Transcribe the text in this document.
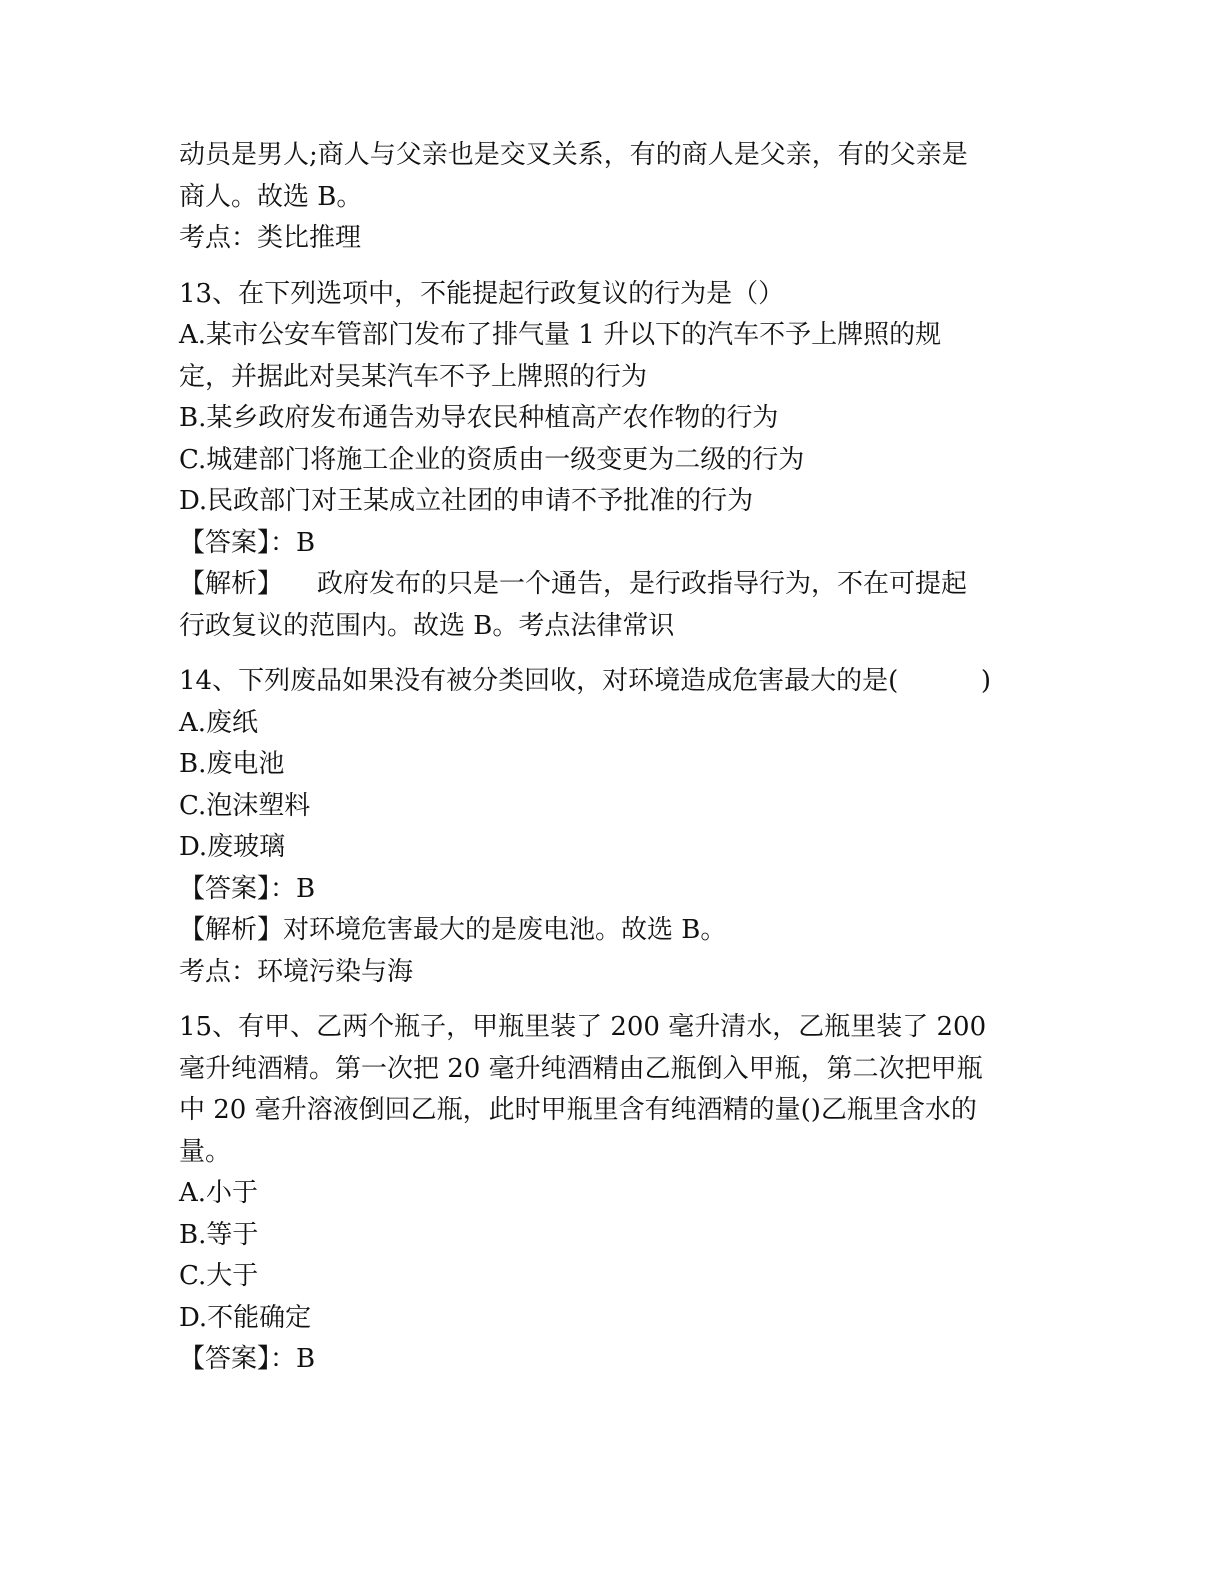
动员是男人;商人与父亲也是交叉关系，有的商人是父亲，有的父亲是
商人。故选 B。
考点：类比推理
13、在下列选项中，不能提起行政复议的行为是（）
A.某市公安车管部门发布了排气量 1 升以下的汽车不予上牌照的规
定，并据此对吴某汽车不予上牌照的行为
B.某乡政府发布通告劝导农民种植高产农作物的行为
C.城建部门将施工企业的资质由一级变更为二级的行为
D.民政部门对王某成立社团的申请不予批准的行为
【答案】：B
【解析】 政府发布的只是一个通告，是行政指导行为，不在可提起
行政复议的范围内。故选 B。考点法律常识
14、下列废品如果没有被分类回收，对环境造成危害最大的是(          )
A.废纸
B.废电池
C.泡沫塑料
D.废玻璃
【答案】：B
【解析】对环境危害最大的是废电池。故选 B。
考点：环境污染与海
15、有甲、乙两个瓶子，甲瓶里装了 200 毫升清水，乙瓶里装了 200
毫升纯酒精。第一次把 20 毫升纯酒精由乙瓶倒入甲瓶，第二次把甲瓶
中 20 毫升溶液倒回乙瓶，此时甲瓶里含有纯酒精的量()乙瓶里含水的
量。
A.小于
B.等于
C.大于
D.不能确定
【答案】：B
